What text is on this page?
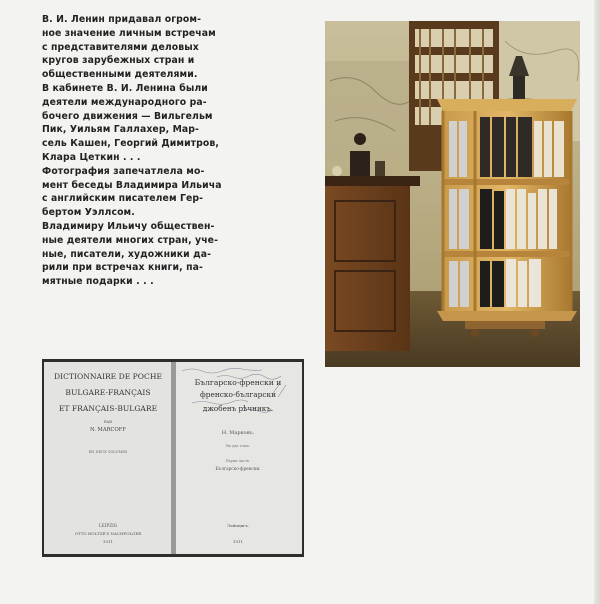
В. И. Ленин придавал огром-
ное значение личным встречам
с представителями деловых
кругов зарубежных стран и
общественными деятелями.

В кабинете В. И. Ленина были
деятели международного ра-
бочего движения — Вильгельм
Пик, Уильям Галлахер, Мар-
сель Кашен, Георгий Димитров,
Клара Цеткин . . .

Фотография запечатлела мо-
мент беседы Владимира Ильича
с английским писателем Гер-
бертом Уэллсом.

Владимиру Ильичу обществен-
ные деятели многих стран, уче-
ные, писатели, художники да-
рили при встречах книги, па-
мятные подарки . . .

DICTIONNAIRE DE POCHE
BULGARE-FRANÇAIS
ET FRANÇAIS-BULGARE
PAR
N. MARCOFF
EN DEUX VOLUMES
LEIPZIG
OTTO HOLTZE'S NACHFOLGER
1911
Българско-френски и
френско-български
джобенъ рѣчникъ.
Н. Марковъ.
Въ два тома.
Първа часть.
Българско-френски.
Лайпцигъ.
1911
